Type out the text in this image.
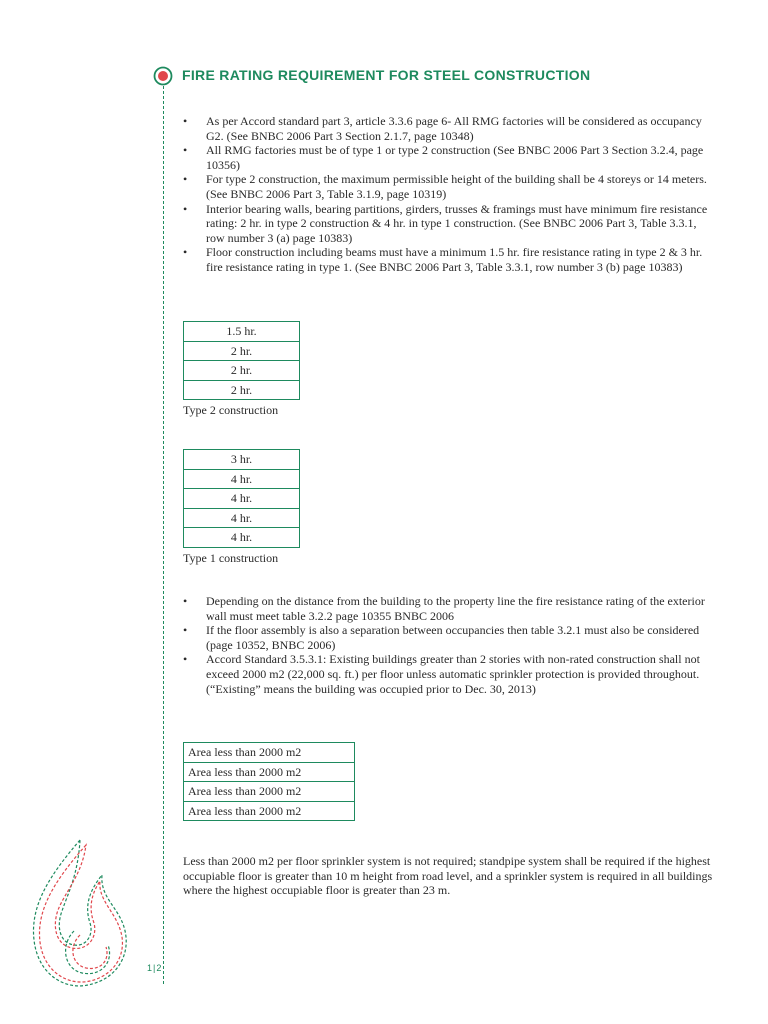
FIRE RATING REQUIREMENT FOR STEEL CONSTRUCTION
• As per Accord standard part 3, article 3.3.6 page 6- All RMG factories will be considered as occupancy G2. (See BNBC 2006 Part 3 Section 2.1.7, page 10348)
• All RMG factories must be of type 1 or type 2 construction (See BNBC 2006 Part 3 Section 3.2.4, page 10356)
• For type 2 construction, the maximum permissible height of the building shall be 4 storeys or 14 meters. (See BNBC 2006 Part 3, Table 3.1.9, page 10319)
• Interior bearing walls, bearing partitions, girders, trusses & framings must have minimum fire resistance rating: 2 hr. in type 2 construction & 4 hr. in type 1 construction. (See BNBC 2006 Part 3, Table 3.3.1, row number 3 (a) page 10383)
• Floor construction including beams must have a minimum 1.5 hr. fire resistance rating in type 2 & 3 hr. fire resistance rating in type 1. (See BNBC 2006 Part 3, Table 3.3.1, row number 3 (b) page 10383)
1.5 hr.
2 hr.
2 hr.
2 hr.
Type 2 construction
3 hr.
4 hr.
4 hr.
4 hr.
4 hr.
Type 1 construction
• Depending on the distance from the building to the property line the fire resistance rating of the exterior wall must meet table 3.2.2 page 10355 BNBC 2006
• If the floor assembly is also a separation between occupancies then table 3.2.1 must also be considered (page 10352, BNBC 2006)
• Accord Standard 3.5.3.1: Existing buildings greater than 2 stories with non-rated construction shall not exceed 2000 m2 (22,000 sq. ft.) per floor unless automatic sprinkler protection is provided throughout. (“Existing” means the building was occupied prior to Dec. 30, 2013)
Area less than 2000 m2
Area less than 2000 m2
Area less than 2000 m2
Area less than 2000 m2
Less than 2000 m2 per floor sprinkler system is not required; standpipe system shall be required if the highest occupiable floor is greater than 10 m height from road level, and a sprinkler system is required in all buildings where the highest occupiable floor is greater than 23 m.
1|2
